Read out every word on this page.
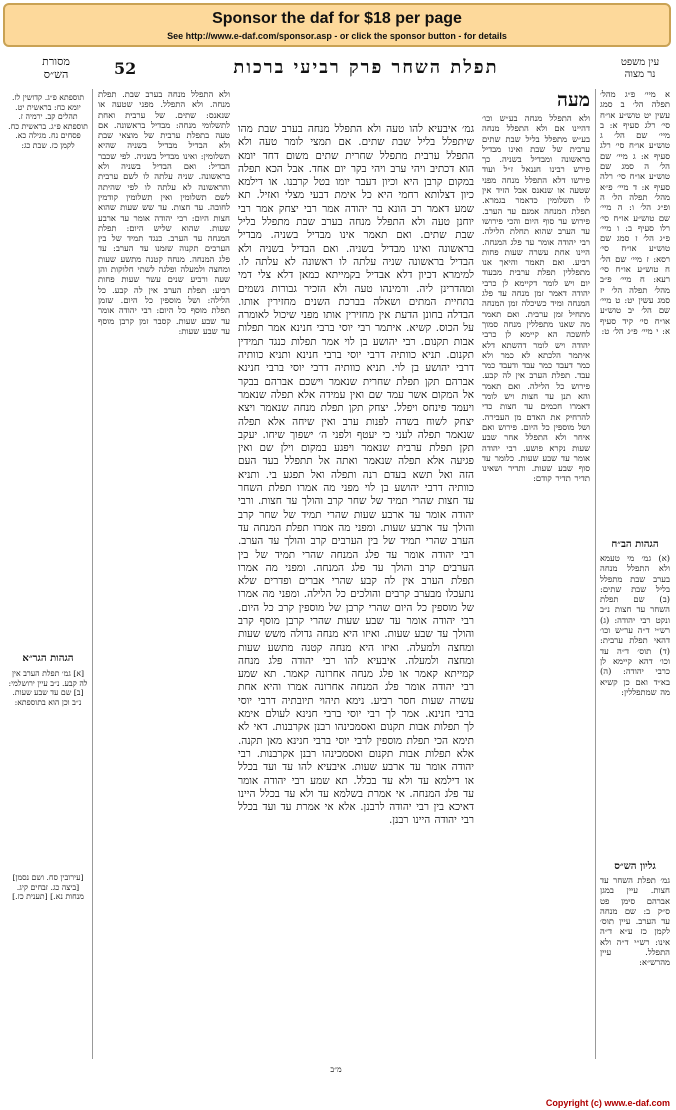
Sponsor the daf for $18 per page
See http://www.e-daf.com/sponsor.asp - or click the sponsor button - for details
מסורת
הש״ס	52	תפלת השחר פרק רביעי ברכות	עין משפט
נר מצוה
א מיי׳ פ״ג מהל׳ תפלה הל׳ ב סמג עשין יט טוש״ע או״ח סי׳ רלג סעיף א: ב מיי׳ שם הל׳ ג טוש״ע או״ח סי׳ רלג סעיף א: ג מיי׳ שם הל׳ ה סמג שם טוש״ע או״ח סי׳ רלה סעיף א: ד מיי׳ פ״א מהל׳ תפלה הל׳ ה ופ״ג הל׳ ו: ה מיי׳ שם טוש״ע או״ח סי׳ רלו סעיף ב: ו מיי׳ פ״ג הל׳ ז סמג שם טוש״ע או״ח סי׳ רסא: ז מיי׳ שם הל׳ ח טוש״ע או״ח סי׳ רעא: ח מיי׳ פ״ב מהל׳ תפלה הל׳ יז סמג עשין יט: ט מיי׳ שם הל׳ יב טוש״ע או״ח סי׳ קיד סעיף א: י מיי׳ פ״ג הל׳ ט:
הגהות הב״ח
(א) גמ׳ מי טעמא ולא התפלל מנחה בערב שבת מתפלל בליל שבת שתים: (ב) שם תפלת השחר עד חצות נ״ב ונקט רבי יהודה: (ג) רש״י ד״ה ער״ש וכו׳ דהאי תפלת ערבית: (ד) תוס׳ ד״ה עד וכו׳ דהא קיימא לן כרבי יהודה: (ה) בא״ד ואם כן קשיא מה שמתפללין:
גליון הש״ס
גמ׳ תפלת השחר עד חצות. עיין במגן אברהם סימן פט ס״ק ב: שם מנחה עד הערב. עיין תוס׳ לקמן כז ע״א ד״ה אינו: רש״י ד״ה ולא התפלל. עיין מהרש״א:
מעה
ולא התפלל מנחה בע״ש וכו׳ דהיינו אם ולא התפלל מנחה בע״ש מתפלל בליל שבת שתים ערבית של שבת ואינו מבדיל בראשונה ומבדיל בשניה. כך פירש רבינו חננאל ז״ל ועוד פירשו דלא התפלל מנחה מפני שטעה או שנאנס אבל הזיד אין לו תשלומין כדאמר בגמרא. תפלת המנחה אמנם עד הערב. פירוש עד סוף היום והכי פירושו עד הערב שהוא תחלת הלילה. רבי יהודה אומר עד פלג המנחה. היינו אחת עשרה שעות פחות רביע. ואם תאמר והיאך אנו מתפללין תפלת ערבית מבעוד יום ויש לומר דקיימא לן כרבי יהודה דאמר זמן מנחה עד פלג המנחה ומיד כשיכלה זמן המנחה מתחיל זמן ערבית. ואם תאמר מה שאנו מתפללין מנחה סמוך לחשכה הא קיימא לן כרבי יהודה ויש לומר דהשתא דלא איתמר הלכתא לא כמר ולא כמר דעבד כמר עבד ודעבד כמר עבד. תפלת הערב אין לה קבע. פירוש כל הלילה. ואם תאמר והא תנן עד חצות ויש לומר דאמרו חכמים עד חצות כדי להרחיק את האדם מן העבירה. ושל מוספין כל היום. פירוש ואם איחר ולא התפלל אחר שבע שעות נקרא פושע. רבי יהודה אומר עד שבע שעות. כלומר עד סוף שבע שעות. ותדיר ושאינו תדיר תדיר קודם:
גמ׳ איבעיא להו טעה ולא התפלל מנחה בערב שבת מהו שיתפלל בליל שבת שתים. אם תמצי לומר טעה ולא התפלל ערבית מתפלל שחרית שתים משום דחד יומא הוא דכתיב ויהי ערב ויהי בקר יום אחד. אבל הכא תפלה במקום קרבן היא וכיון דעבר יומו בטל קרבנו. או דילמא כיון דצלותא רחמי היא כל אימת דבעי מצלי ואזיל. תא שמע דאמר רב הונא בר יהודה אמר רבי יצחק אמר רבי יוחנן טעה ולא התפלל מנחה בערב שבת מתפלל בליל שבת שתים. ואם תאמר אינו מבדיל בשניה. מבדיל בראשונה ואינו מבדיל בשניה. ואם הבדיל בשניה ולא הבדיל בראשונה שניה עלתה לו ראשונה לא עלתה לו. למימרא דכיון דלא אבדיל בקמייתא כמאן דלא צלי דמי ומהדרינן ליה. ורמינהו טעה ולא הזכיר גבורות גשמים בתחיית המתים ושאלה בברכת השנים מחזירין אותו. הבדלה בחונן הדעת אין מחזירין אותו מפני שיכול לאומרה על הכוס. קשיא. איתמר רבי יוסי ברבי חנינא אמר תפלות אבות תקנום. רבי יהושע בן לוי אמר תפלות כנגד תמידין תקנום. תניא כוותיה דרבי יוסי ברבי חנינא ותניא כוותיה דרבי יהושע בן לוי. תניא כוותיה דרבי יוסי ברבי חנינא אברהם תקן תפלת שחרית שנאמר וישכם אברהם בבקר אל המקום אשר עמד שם ואין עמידה אלא תפלה שנאמר ויעמד פינחס ויפלל. יצחק תקן תפלת מנחה שנאמר ויצא יצחק לשוח בשדה לפנות ערב ואין שיחה אלא תפלה שנאמר תפלה לעני כי יעטף ולפני ה׳ ישפוך שיחו. יעקב תקן תפלת ערבית שנאמר ויפגע במקום וילן שם ואין פגיעה אלא תפלה שנאמר ואתה אל תתפלל בעד העם הזה ואל תשא בעדם רנה ותפלה ואל תפגע בי. ותניא כוותיה דרבי יהושע בן לוי מפני מה אמרו תפלת השחר עד חצות שהרי תמיד של שחר קרב והולך עד חצות. ורבי יהודה אומר עד ארבע שעות שהרי תמיד של שחר קרב והולך עד ארבע שעות. ומפני מה אמרו תפלת המנחה עד הערב שהרי תמיד של בין הערבים קרב והולך עד הערב. רבי יהודה אומר עד פלג המנחה שהרי תמיד של בין הערבים קרב והולך עד פלג המנחה. ומפני מה אמרו תפלת הערב אין לה קבע שהרי אברים ופדרים שלא נתעכלו מבערב קרבים והולכים כל הלילה. ומפני מה אמרו של מוספין כל היום שהרי קרבן של מוספין קרב כל היום. רבי יהודה אומר עד שבע שעות שהרי קרבן מוסף קרב והולך עד שבע שעות. ואיזו היא מנחה גדולה משש שעות ומחצה ולמעלה. ואיזו היא מנחה קטנה מתשע שעות ומחצה ולמעלה. איבעיא להו רבי יהודה פלג מנחה קמייתא קאמר או פלג מנחה אחרונה קאמר. תא שמע רבי יהודה אומר פלג המנחה אחרונה אמרו והיא אחת עשרה שעות חסר רביע. נימא תיהוי תיובתיה דרבי יוסי ברבי חנינא. אמר לך רבי יוסי ברבי חנינא לעולם אימא לך תפלות אבות תקנום ואסמכינהו רבנן אקרבנות. דאי לא תימא הכי תפלת מוספין לרבי יוסי ברבי חנינא מאן תקנה. אלא תפלות אבות תקנום ואסמכינהו רבנן אקרבנות. רבי יהודה אומר עד ארבע שעות. איבעיא להו עד ועד בכלל או דילמא עד ולא עד בכלל. תא שמע רבי יהודה אומר עד פלג המנחה. אי אמרת בשלמא עד ולא עד בכלל היינו דאיכא בין רבי יהודה לרבנן. אלא אי אמרת עד ועד בכלל רבי יהודה היינו רבנן.
ולא התפלל מנחה בערב שבת. תפלת מנחה. ולא התפלל. מפני שטעה או שנאנס: שתים. של ערבית ואחת לתשלומי מנחה: מבדיל בראשונה. אם טעה בתפלת ערבית של מוצאי שבת ולא הבדיל מבדיל בשניה שהיא תשלומין: ואינו מבדיל בשניה. לפי שכבר הבדיל: ואם הבדיל בשניה ולא בראשונה. שניה עלתה לו לשם ערבית והראשונה לא עלתה לו לפי שהיתה לשם תשלומין ואין תשלומין קודמין לחובה. עד חצות. עד שש שעות שהוא חצות היום: רבי יהודה אומר עד ארבע שעות. שהוא שליש היום: תפלת המנחה עד הערב. כנגד תמיד של בין הערבים תקנוה שזמנו עד הערב: עד פלג המנחה. מנחה קטנה מתשע שעות ומחצה ולמעלה ופלגה לשתי חלוקות והן שעה ורביע שנים עשר שעות פחות רביע: תפלת הערב אין לה קבע. כל הלילה: ושל מוספין כל היום. שזמן תפלת מוסף כל היום: רבי יהודה אומר עד שבע שעות. קסבר זמן קרבן מוסף עד שבע שעות:
תוספתא פ״ג. קדושין לז. יומא כח: בראשית יט. תהלים קב. ירמיה ז. תוספתא פ״ג. בראשית כח. פסחים נח. מגילה כא. לקמן כז. שבת כג:
הגהות הגר״א
[א] גמ׳ תפלת הערב אין לה קבע. נ״ב עיין ירושלמי: [ב] שם עד שבע שעות. נ״ב וכן הוא בתוספתא:
[עירובין סח. ושם נסמן] [ביצה כג. זבחים קיג. מנחות נא.] [תענית כז.]
מ״ב
Copyright (c) www.e-daf.com
